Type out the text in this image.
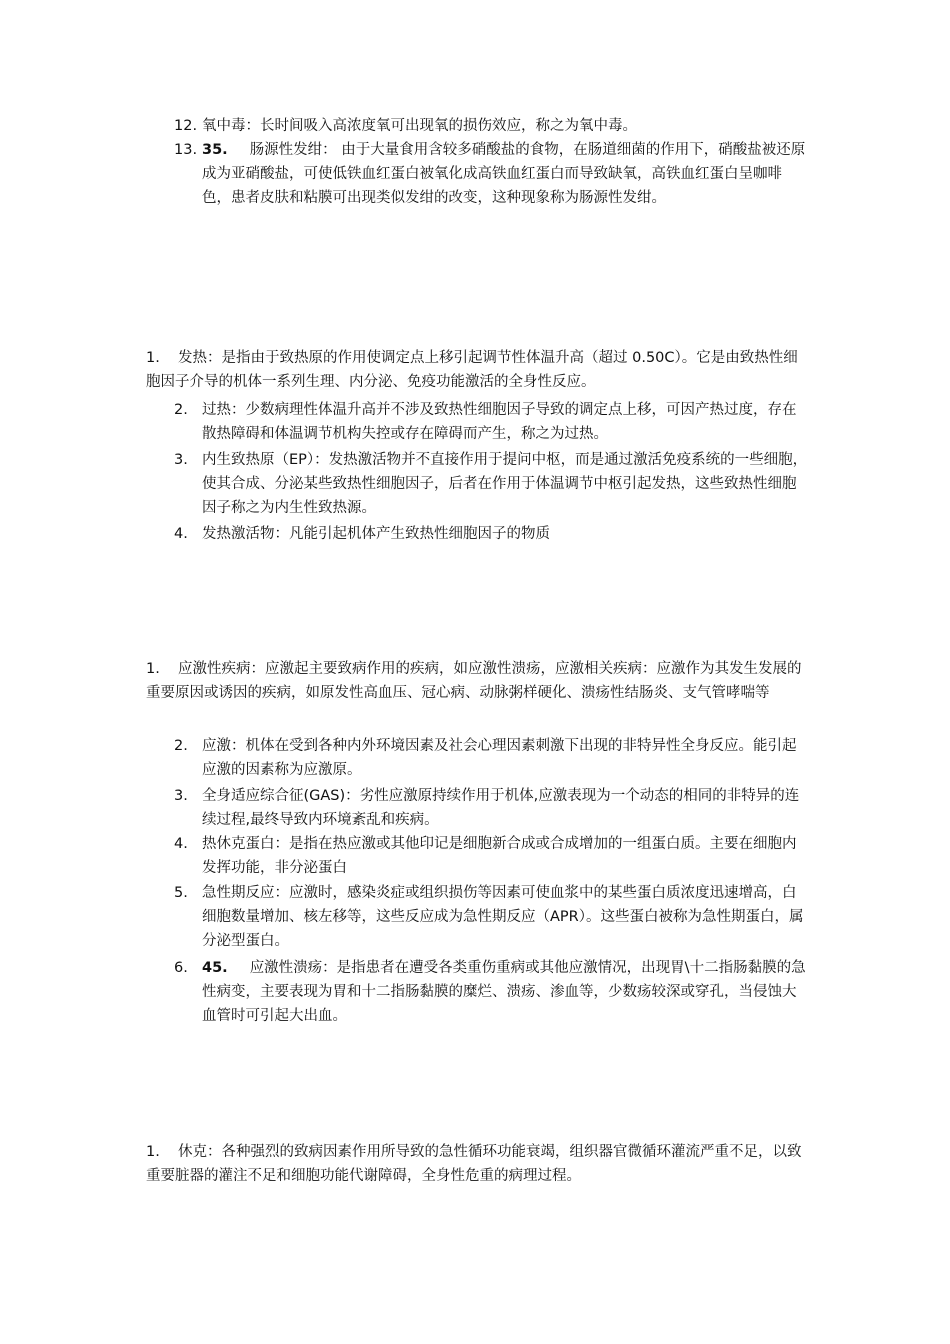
12. 氧中毒：长时间吸入高浓度氧可出现氧的损伤效应，称之为氧中毒。
13. 35. 肠源性发绀： 由于大量食用含较多硝酸盐的食物，在肠道细菌的作用下，硝酸盐被还原成为亚硝酸盐，可使低铁血红蛋白被氧化成高铁血红蛋白而导致缺氧，高铁血红蛋白呈咖啡色，患者皮肤和粘膜可出现类似发绀的改变，这种现象称为肠源性发绀。
1. 发热：是指由于致热原的作用使调定点上移引起调节性体温升高（超过 0.50C）。它是由致热性细胞因子介导的机体一系列生理、内分泌、免疫功能激活的全身性反应。
2. 过热：少数病理性体温升高并不涉及致热性细胞因子导致的调定点上移，可因产热过度，存在散热障碍和体温调节机构失控或存在障碍而产生，称之为过热。
3. 内生致热原（EP）：发热激活物并不直接作用于提问中枢，而是通过激活免疫系统的一些细胞，使其合成、分泌某些致热性细胞因子，后者在作用于体温调节中枢引起发热，这些致热性细胞因子称之为内生性致热源。
4. 发热激活物：凡能引起机体产生致热性细胞因子的物质
1. 应激性疾病：应激起主要致病作用的疾病，如应激性溃疡，应激相关疾病：应激作为其发生发展的重要原因或诱因的疾病，如原发性高血压、冠心病、动脉粥样硬化、溃疡性结肠炎、支气管哮喘等
2. 应激：机体在受到各种内外环境因素及社会心理因素刺激下出现的非特异性全身反应。能引起应激的因素称为应激原。
3. 全身适应综合征(GAS)：劣性应激原持续作用于机体,应激表现为一个动态的相同的非特异的连续过程,最终导致内环境紊乱和疾病。
4. 热休克蛋白：是指在热应激或其他印记是细胞新合成或合成增加的一组蛋白质。主要在细胞内发挥功能，非分泌蛋白
5. 急性期反应：应激时，感染炎症或组织损伤等因素可使血浆中的某些蛋白质浓度迅速增高，白细胞数量增加、核左移等，这些反应成为急性期反应（APR）。这些蛋白被称为急性期蛋白，属分泌型蛋白。
6. 45. 应激性溃疡：是指患者在遭受各类重伤重病或其他应激情况，出现胃\十二指肠黏膜的急性病变，主要表现为胃和十二指肠黏膜的糜烂、溃疡、渗血等，少数疡较深或穿孔，当侵蚀大血管时可引起大出血。
1. 休克：各种强烈的致病因素作用所导致的急性循环功能衰竭，组织器官微循环灌流严重不足，以致重要脏器的灌注不足和细胞功能代谢障碍，全身性危重的病理过程。
